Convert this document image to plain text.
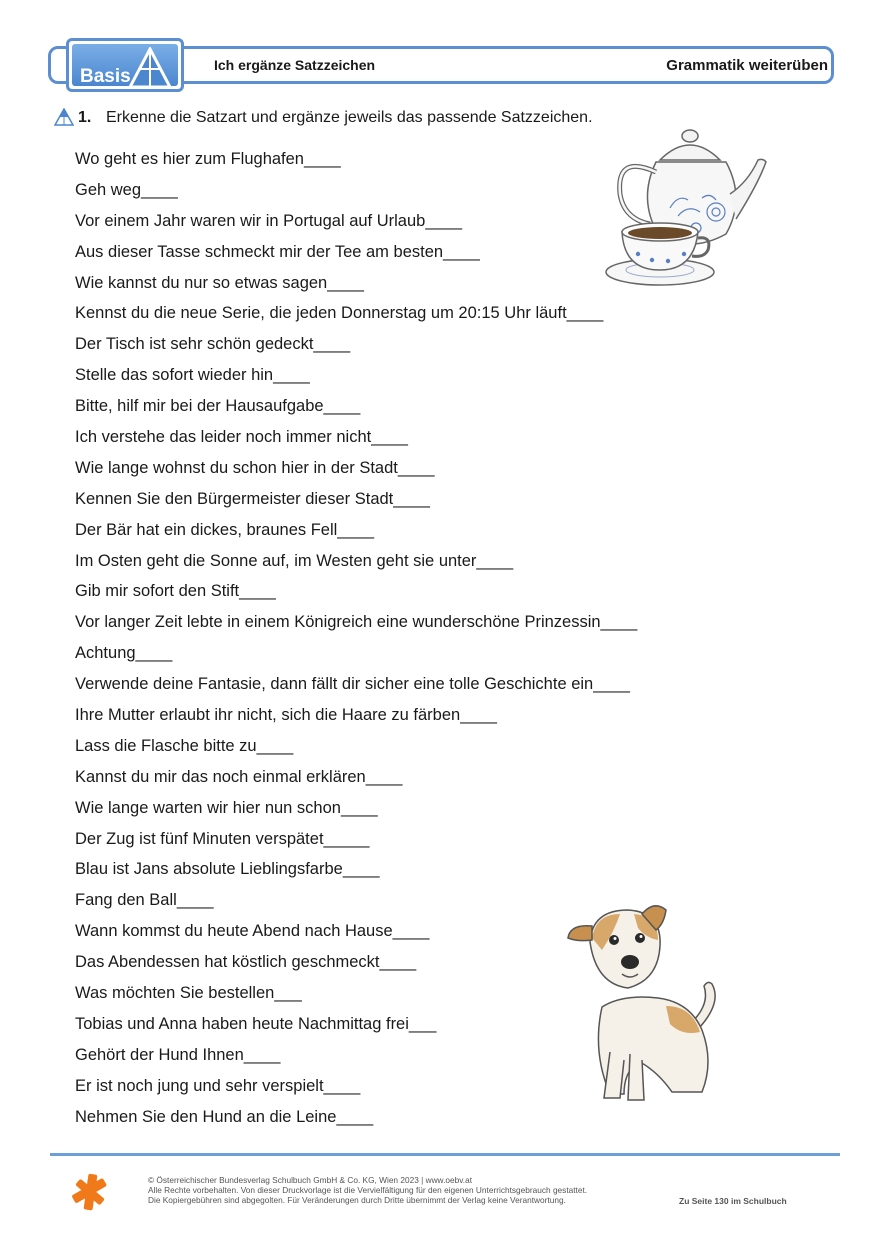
Basis
Ich ergänze Satzzeichen	Grammatik weiterüben
1. Erkenne die Satzart und ergänze jeweils das passende Satzzeichen.
Wo geht es hier zum Flughafen____
Geh weg____
Vor einem Jahr waren wir in Portugal auf Urlaub____
Aus dieser Tasse schmeckt mir der Tee am besten____
Wie kannst du nur so etwas sagen____
Kennst du die neue Serie, die jeden Donnerstag um 20:15 Uhr läuft____
Der Tisch ist sehr schön gedeckt____
Stelle das sofort wieder hin____
Bitte, hilf mir bei der Hausaufgabe____
Ich verstehe das leider noch immer nicht____
Wie lange wohnst du schon hier in der Stadt____
Kennen Sie den Bürgermeister dieser Stadt____
Der Bär hat ein dickes, braunes Fell____
Im Osten geht die Sonne auf, im Westen geht sie unter____
Gib mir sofort den Stift____
Vor langer Zeit lebte in einem Königreich eine wunderschöne Prinzessin____
Achtung____
Verwende deine Fantasie, dann fällt dir sicher eine tolle Geschichte ein____
Ihre Mutter erlaubt ihr nicht, sich die Haare zu färben____
Lass die Flasche bitte zu____
Kannst du mir das noch einmal erklären____
Wie lange warten wir hier nun schon____
Der Zug ist fünf Minuten verspätet_____
Blau ist Jans absolute Lieblingsfarbe____
Fang den Ball____
Wann kommst du heute Abend nach Hause____
Das Abendessen hat köstlich geschmeckt____
Was möchten Sie bestellen___
Tobias und Anna haben heute Nachmittag frei___
Gehört der Hund Ihnen____
Er ist noch jung und sehr verspielt____
Nehmen Sie den Hund an die Leine____
© Österreichischer Bundesverlag Schulbuch GmbH & Co. KG, Wien 2023 | www.oebv.at
Alle Rechte vorbehalten. Von dieser Druckvorlage ist die Vervielfältigung für den eigenen Unterrichtsgebrauch gestattet.
Die Kopiergebühren sind abgegolten. Für Veränderungen durch Dritte übernimmt der Verlag keine Verantwortung.	Zu Seite 130 im Schulbuch
